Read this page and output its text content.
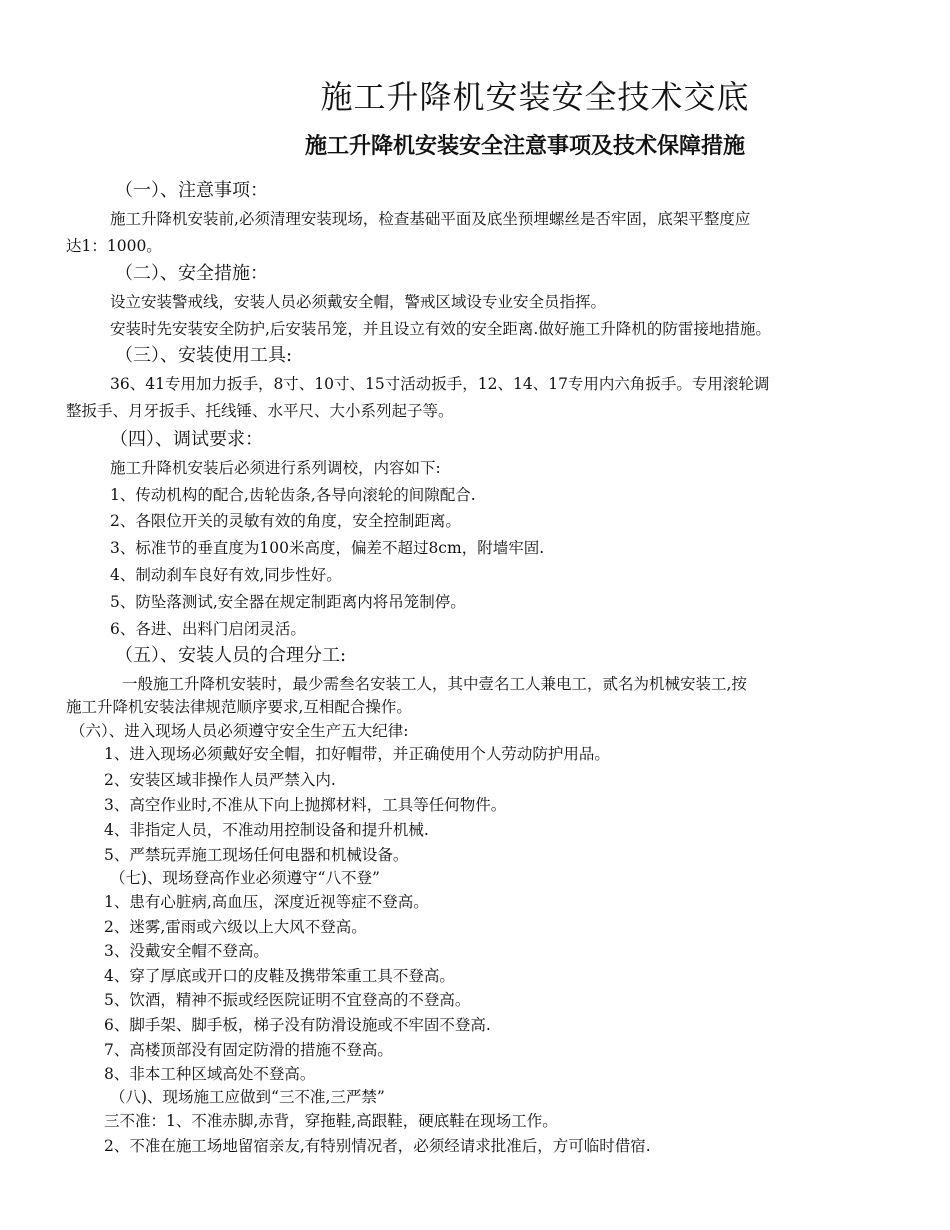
施工升降机安装安全技术交底
施工升降机安装安全注意事项及技术保障措施

（一）、注意事项：

施工升降机安装前,必须清理安装现场，检查基础平面及底坐预埋螺丝是否牢固，底架平整度应

达1：1000。

（二）、安全措施：

设立安装警戒线，安装人员必须戴安全帽，警戒区域设专业安全员指挥。

安装时先安装安全防护,后安装吊笼，并且设立有效的安全距离.做好施工升降机的防雷接地措施。

（三）、安装使用工具:

36、41专用加力扳手，8寸、10寸、15寸活动扳手，12、14、17专用内六角扳手。专用滚轮调

整扳手、月牙扳手、托线锤、水平尺、大小系列起子等。

（四）、调试要求：

施工升降机安装后必须进行系列调校，内容如下:

1、传动机构的配合,齿轮齿条,各导向滚轮的间隙配合.

2、各限位开关的灵敏有效的角度，安全控制距离。

3、标准节的垂直度为100米高度，偏差不超过8cm，附墙牢固.

4、制动刹车良好有效,同步性好。

5、防坠落测试,安全器在规定制距离内将吊笼制停。

6、各进、出料门启闭灵活。

（五）、安装人员的合理分工:

一般施工升降机安装时，最少需叁名安装工人，其中壹名工人兼电工，贰名为机械安装工,按

施工升降机安装法律规范顺序要求,互相配合操作。

（六）、进入现场人员必须遵守安全生产五大纪律:

1、进入现场必须戴好安全帽，扣好帽带，并正确使用个人劳动防护用品。

2、安装区域非操作人员严禁入内.

3、高空作业时,不准从下向上抛掷材料，工具等任何物件。

4、非指定人员，不准动用控制设备和提升机械.

5、严禁玩弄施工现场任何电器和机械设备。

（七)、现场登高作业必须遵守“八不登”

1、患有心脏病,高血压，深度近视等症不登高。

2、迷雾,雷雨或六级以上大风不登高。

3、没戴安全帽不登高。

4、穿了厚底或开口的皮鞋及携带笨重工具不登高。

5、饮酒，精神不振或经医院证明不宜登高的不登高。

6、脚手架、脚手板，梯子没有防滑设施或不牢固不登高.

7、高楼顶部没有固定防滑的措施不登高。

8、非本工种区域高处不登高。

（八)、现场施工应做到“三不准,三严禁”

三不准：1、不准赤脚,赤背，穿拖鞋,高跟鞋，硬底鞋在现场工作。

2、不准在施工场地留宿亲友,有特别情况者，必须经请求批准后，方可临时借宿.
